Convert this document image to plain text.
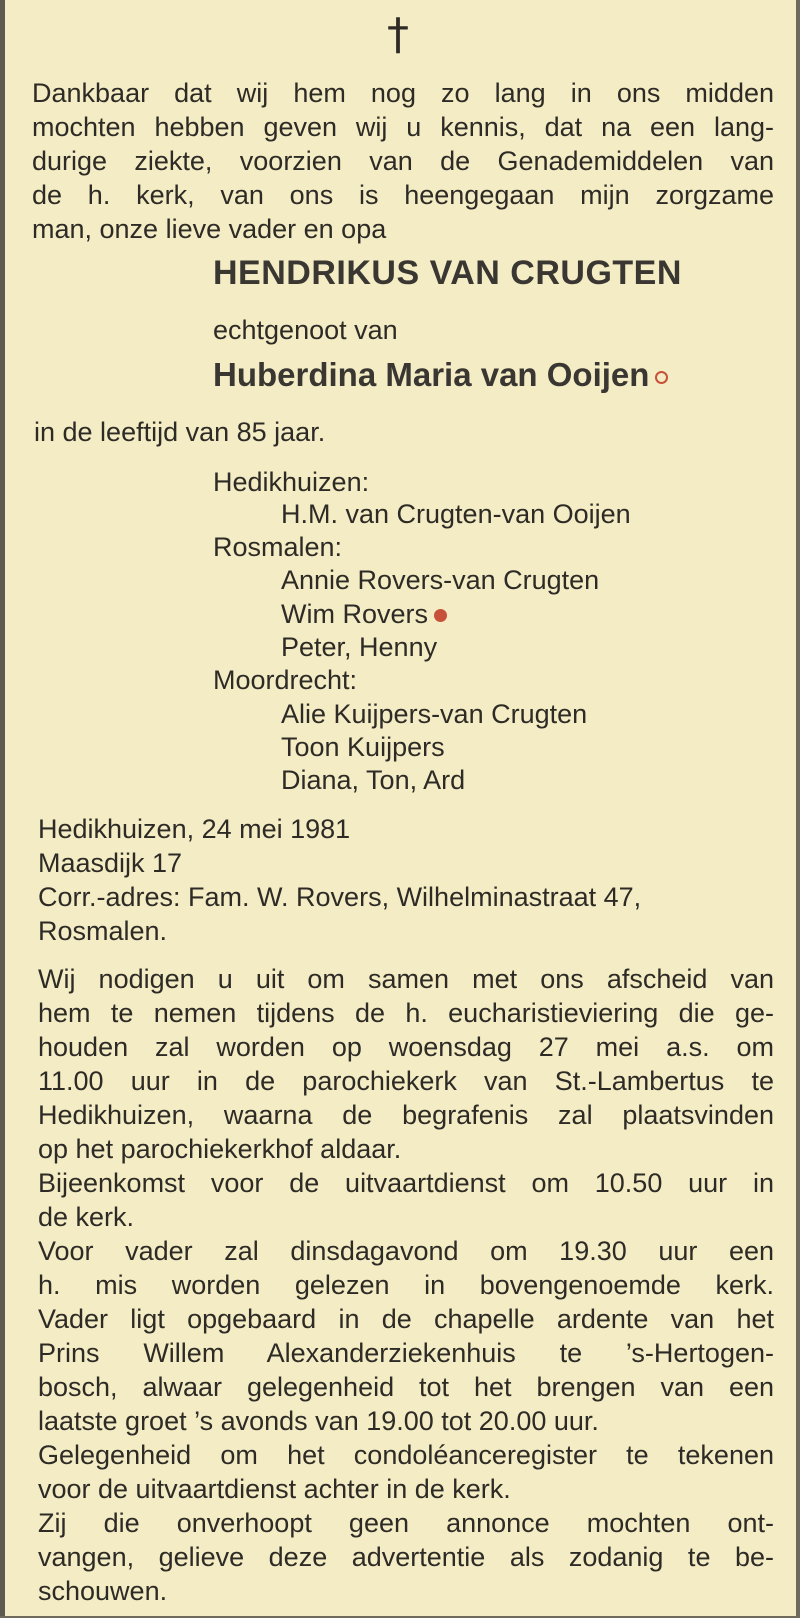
†
Dankbaar dat wij hem nog zo lang in ons midden
mochten hebben geven wij u kennis, dat na een lang-
durige ziekte, voorzien van de Genademiddelen van
de h. kerk, van ons is heengegaan mijn zorgzame
man, onze lieve vader en opa
HENDRIKUS VAN CRUGTEN
echtgenoot van
Huberdina Maria van Ooijen
in de leeftijd van 85 jaar.
Hedikhuizen:
H.M. van Crugten-van Ooijen
Rosmalen:
Annie Rovers-van Crugten
Wim Rovers
Peter, Henny
Moordrecht:
Alie Kuijpers-van Crugten
Toon Kuijpers
Diana, Ton, Ard
Hedikhuizen, 24 mei 1981
Maasdijk 17
Corr.-adres: Fam. W. Rovers, Wilhelminastraat 47,
Rosmalen.
Wij nodigen u uit om samen met ons afscheid van
hem te nemen tijdens de h. eucharistieviering die ge-
houden zal worden op woensdag 27 mei a.s. om
11.00 uur in de parochiekerk van St.-Lambertus te
Hedikhuizen, waarna de begrafenis zal plaatsvinden
op het parochiekerkhof aldaar.
Bijeenkomst voor de uitvaartdienst om 10.50 uur in
de kerk.
Voor vader zal dinsdagavond om 19.30 uur een
h. mis worden gelezen in bovengenoemde kerk.
Vader ligt opgebaard in de chapelle ardente van het
Prins Willem Alexanderziekenhuis te ’s-Hertogen-
bosch, alwaar gelegenheid tot het brengen van een
laatste groet ’s avonds van 19.00 tot 20.00 uur.
Gelegenheid om het condoléanceregister te tekenen
voor de uitvaartdienst achter in de kerk.
Zij die onverhoopt geen annonce mochten ont-
vangen, gelieve deze advertentie als zodanig te be-
schouwen.
